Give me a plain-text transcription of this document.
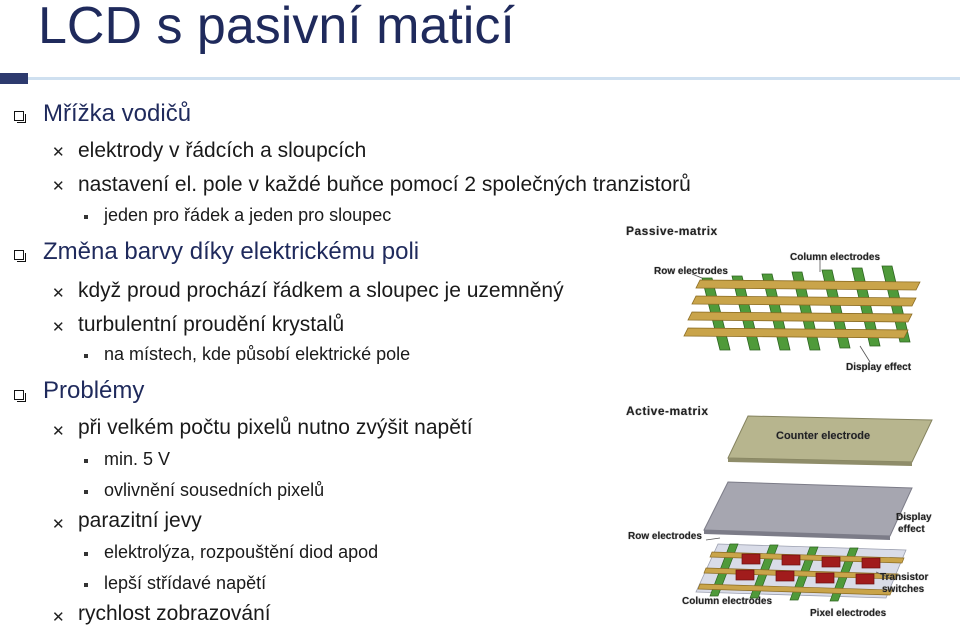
LCD s pasivní maticí
Mřížka vodičů
✕ elektrody v řádcích a sloupcích
✕ nastavení el. pole v každé buňce pomocí 2 společných tranzistorů
jeden pro řádek a jeden pro sloupec
Změna barvy díky elektrickému poli
✕ když proud prochází řádkem a sloupec je uzemněný
✕ turbulentní proudění krystalů
na místech, kde působí elektrické pole
Problémy
✕ při velkém počtu pixelů nutno zvýšit napětí
min. 5 V
ovlivnění sousedních pixelů
✕ parazitní jevy
elektrolýza, rozpouštění diod apod
lepší střídavé napětí
✕ rychlost zobrazování
Passive-matrix
Column electrodes
Row electrodes
Display effect
Active-matrix
Counter electrode
Display
effect
Row electrodes
Transistor
switches
Column electrodes
Pixel electrodes
